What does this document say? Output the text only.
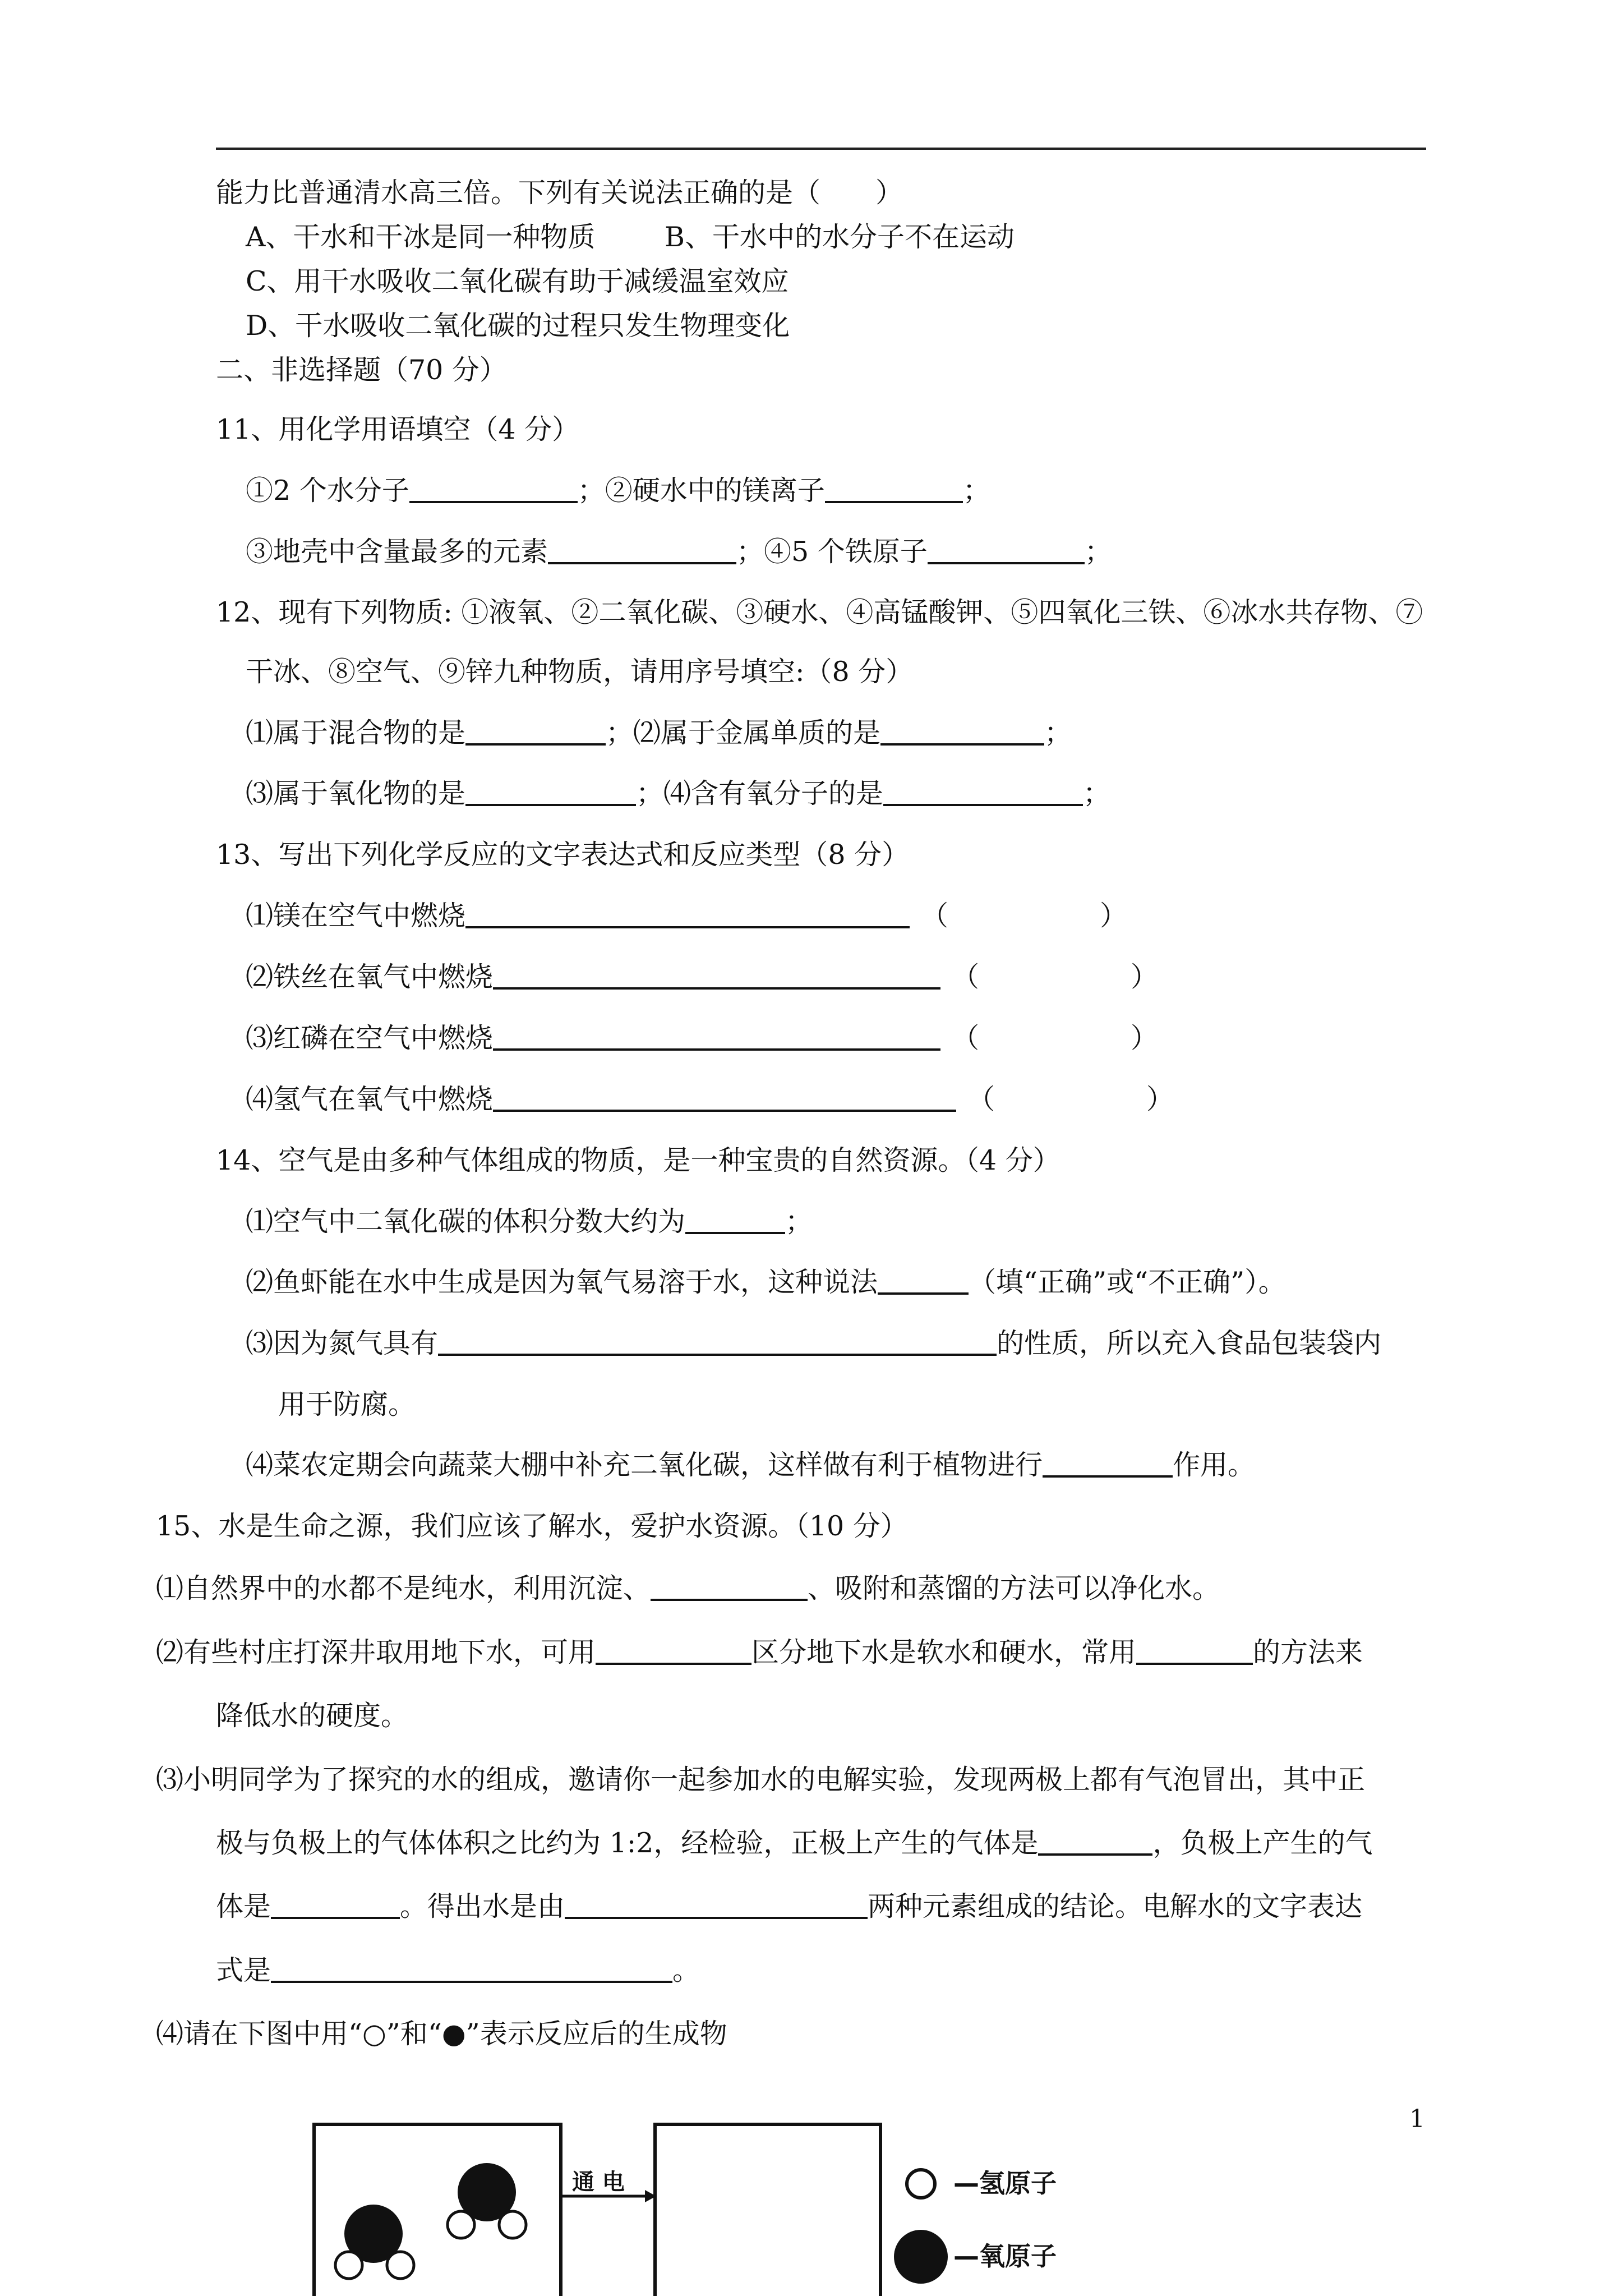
能力比普通清水高三倍。下列有关说法正确的是（　　）
A、干水和干冰是同一种物质	B、干水中的水分子不在运动
C、用干水吸收二氧化碳有助于减缓温室效应
D、干水吸收二氧化碳的过程只发生物理变化
二、非选择题（70 分）
11、用化学用语填空（4 分）
①2 个水分子	；②硬水中的镁离子	；
③地壳中含量最多的元素	；④5 个铁原子	；
12、现有下列物质: ①液氧、②二氧化碳、③硬水、④高锰酸钾、⑤四氧化三铁、⑥冰水共存物、⑦
干冰、⑧空气、⑨锌九种物质，请用序号填空:（8 分）
⑴属于混合物的是	；⑵属于金属单质的是	；
⑶属于氧化物的是	；⑷含有氧分子的是	；
13、写出下列化学反应的文字表达式和反应类型（8 分）
⑴镁在空气中燃烧	（	）
⑵铁丝在氧气中燃烧	（	）
⑶红磷在空气中燃烧	（	）
⑷氢气在氧气中燃烧	（	）
14、空气是由多种气体组成的物质，是一种宝贵的自然资源。（4 分）
⑴空气中二氧化碳的体积分数大约为	；
⑵鱼虾能在水中生成是因为氧气易溶于水，这种说法	（填“正确”或“不正确”）。
⑶因为氮气具有	的性质，所以充入食品包装袋内
用于防腐。
⑷菜农定期会向蔬菜大棚中补充二氧化碳，这样做有利于植物进行	作用。
15、水是生命之源，我们应该了解水，爱护水资源。（10 分）
⑴自然界中的水都不是纯水，利用沉淀、	、吸附和蒸馏的方法可以净化水。
⑵有些村庄打深井取用地下水，可用	区分地下水是软水和硬水，常用	的方法来
降低水的硬度。
⑶小明同学为了探究的水的组成，邀请你一起参加水的电解实验，发现两极上都有气泡冒出，其中正
极与负极上的气体体积之比约为 1:2，经检验，正极上产生的气体是	，负极上产生的气
体是	。得出水是由	两种元素组成的结论。电解水的文字表达
式是	。
⑷请在下图中用“○”和“●”表示反应后的生成物
通 电	—氢原子
—氧原子
1
